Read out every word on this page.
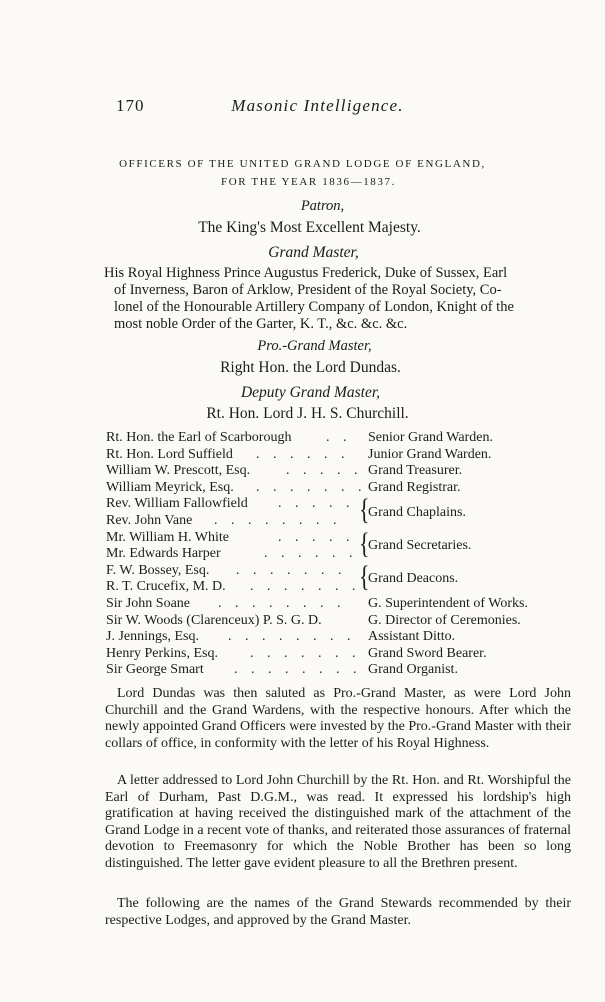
170	Masonic Intelligence.
OFFICERS OF THE UNITED GRAND LODGE OF ENGLAND,
FOR THE YEAR 1836—1837.
Patron,
The King's Most Excellent Majesty.
Grand Master,
His Royal Highness Prince Augustus Frederick, Duke of Sussex, Earl
of Inverness, Baron of Arklow, President of the Royal Society, Co-
lonel of the Honourable Artillery Company of London, Knight of the
most noble Order of the Garter, K. T., &c. &c. &c.
Pro.-Grand Master,
Right Hon. the Lord Dundas.
Deputy Grand Master,
Rt. Hon. Lord J. H. S. Churchill.
Rt. Hon. the Earl of Scarborough . . Senior Grand Warden.
Rt. Hon. Lord Suffield . . . . . . Junior Grand Warden.
William W. Prescott, Esq.	. . . . . Grand Treasurer.
William Meyrick, Esq. . . . . . . . Grand Registrar.
Rev. William Fallowfield . . . . .
Rev. John Vane . . . . . . . .
Grand Chaplains.
Mr. William H. White	. . . . .
Mr. Edwards Harper	. . . . . .
Grand Secretaries.
F. W. Bossey, Esq. . . . . . . .
R. T. Crucefix, M. D. . . . . . . .
Grand Deacons.
Sir John Soane . . . . . . . . G. Superintendent of Works.
Sir W. Woods (Clarenceux) P. S. G. D.	G. Director of Ceremonies.
J. Jennings, Esq. . . . . . . . . Assistant Ditto.
Henry Perkins, Esq. . . . . . . . Grand Sword Bearer.
Sir George Smart . . . . . . . . Grand Organist.
{
{
{
Lord Dundas was then saluted as Pro.-Grand Master, as were Lord John Churchill and the Grand Wardens, with the respective honours. After which the newly appointed Grand Officers were invested by the Pro.-Grand Master with their collars of office, in conformity with the letter of his Royal Highness.
A letter addressed to Lord John Churchill by the Rt. Hon. and Rt. Worshipful the Earl of Durham, Past D.G.M., was read. It expressed his lordship's high gratification at having received the distinguished mark of the attachment of the Grand Lodge in a recent vote of thanks, and reiterated those assurances of fraternal devotion to Freemasonry for which the Noble Brother has been so long distinguished. The letter gave evident pleasure to all the Brethren present.
The following are the names of the Grand Stewards recommended by their respective Lodges, and approved by the Grand Master.
